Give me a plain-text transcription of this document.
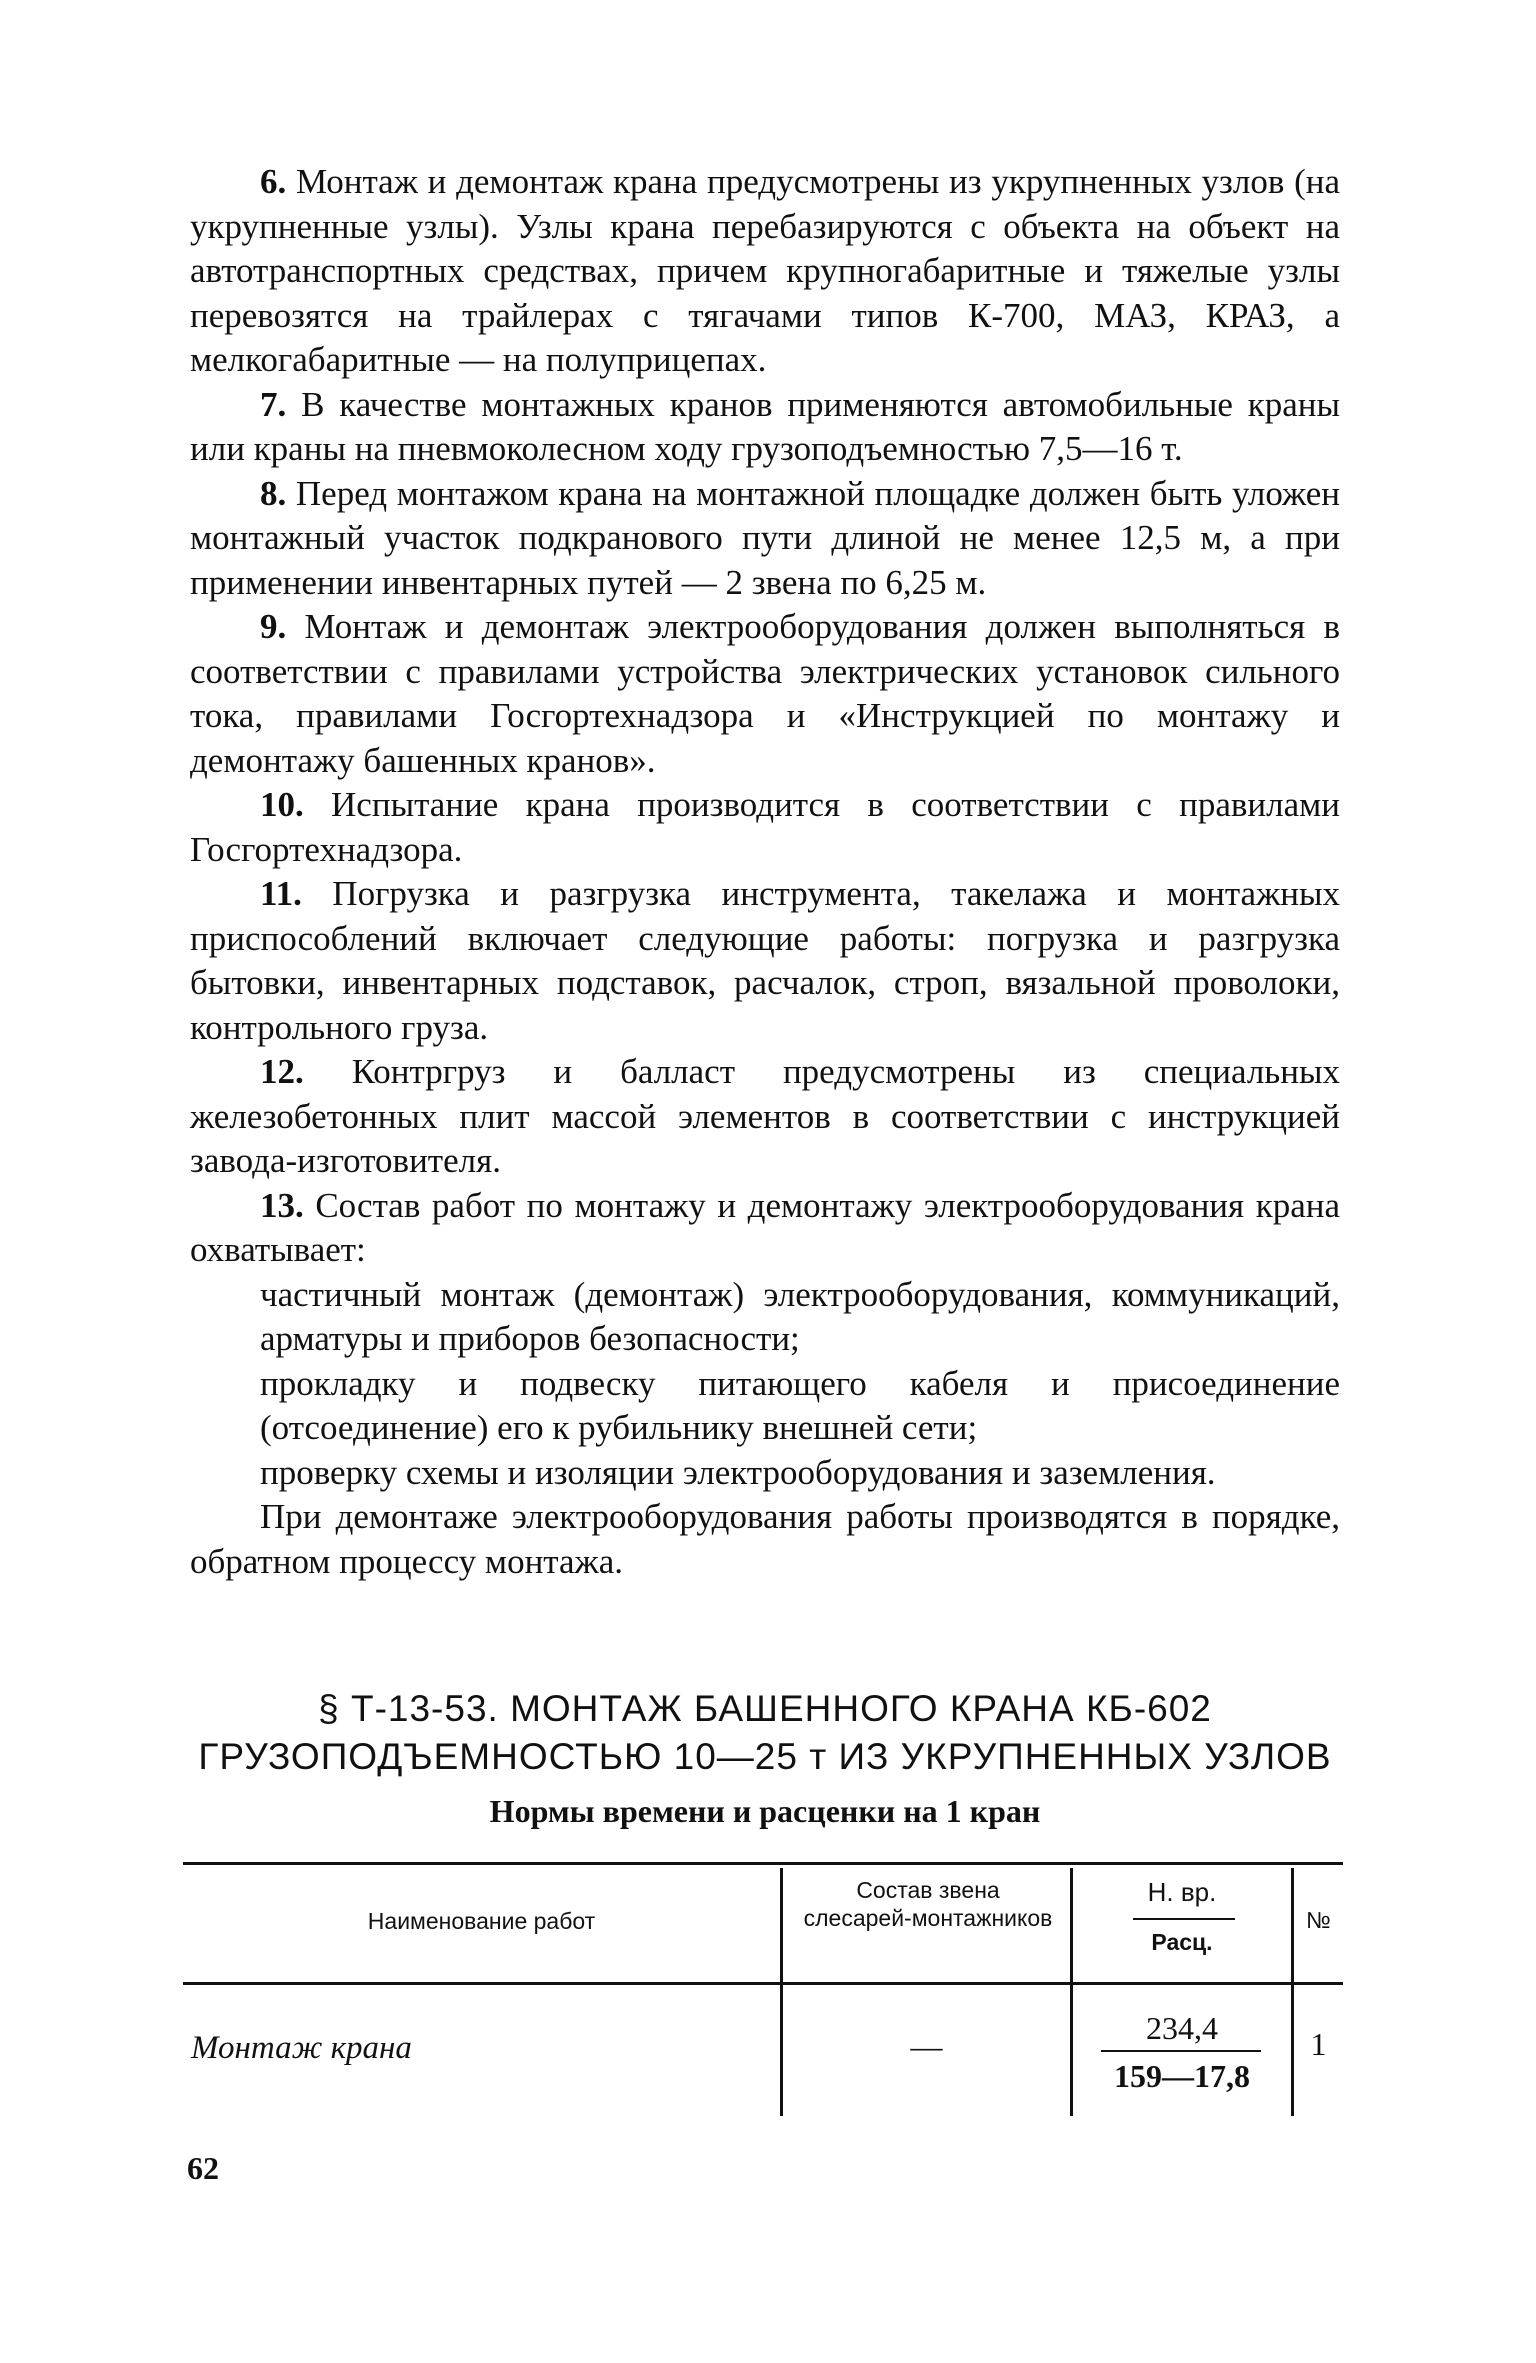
6. Монтаж и демонтаж крана предусмотрены из укрупненных узлов (на укрупненные узлы). Узлы крана перебазируются с объекта на объект на автотранспортных средствах, причем крупногабаритные и тяжелые узлы перевозятся на трайлерах с тягачами типов К-700, МАЗ, КРАЗ, а мелкогабаритные — на полуприцепах.

7. В качестве монтажных кранов применяются автомобильные краны или краны на пневмоколесном ходу грузоподъемностью 7,5—16 т.

8. Перед монтажом крана на монтажной площадке должен быть уложен монтажный участок подкранового пути длиной не менее 12,5 м, а при применении инвентарных путей — 2 звена по 6,25 м.

9. Монтаж и демонтаж электрооборудования должен выполняться в соответствии с правилами устройства электрических установок сильного тока, правилами Госгортехнадзора и «Инструкцией по монтажу и демонтажу башенных кранов».

10. Испытание крана производится в соответствии с правилами Госгортехнадзора.

11. Погрузка и разгрузка инструмента, такелажа и монтажных приспособлений включает следующие работы: погрузка и разгрузка бытовки, инвентарных подставок, расчалок, строп, вязальной проволоки, контрольного груза.

12. Контргруз и балласт предусмотрены из специальных железобетонных плит массой элементов в соответствии с инструкцией завода-изготовителя.

13. Состав работ по монтажу и демонтажу электрооборудования крана охватывает:

частичный монтаж (демонтаж) электрооборудования, коммуникаций, арматуры и приборов безопасности;

прокладку и подвеску питающего кабеля и присоединение (отсоединение) его к рубильнику внешней сети;

проверку схемы и изоляции электрооборудования и заземления.

При демонтаже электрооборудования работы производятся в порядке, обратном процессу монтажа.

§ Т-13-53. МОНТАЖ БАШЕННОГО КРАНА КБ-602
ГРУЗОПОДЪЕМНОСТЬЮ 10—25 т ИЗ УКРУПНЕННЫХ УЗЛОВ
Нормы времени и расценки на 1 кран
Наименование работ
Состав звена слесарей-монтажников
Н. вр.
Расц.
№
Монтаж крана	—	234,4
159—17,8
1
62
